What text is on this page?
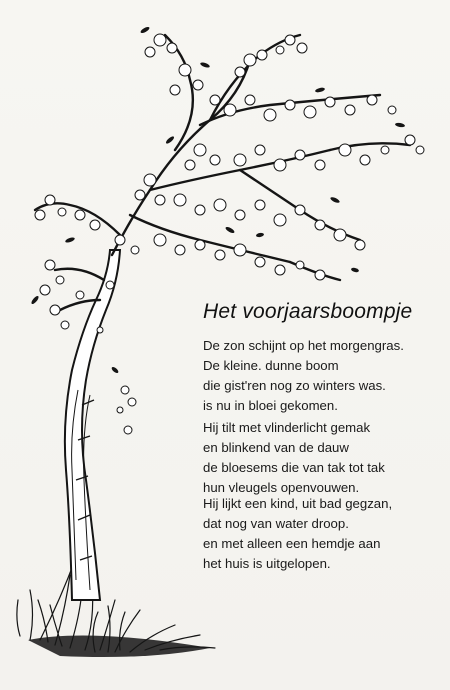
Het voorjaarsboompje
De zon schijnt op het morgengras.
De kleine. dunne boom
die gist'ren nog zo winters was.
is nu in bloei gekomen.
Hij tilt met vlinderlicht gemak
en blinkend van de dauw
de bloesems die van tak tot tak
hun vleugels openvouwen.
Hij lijkt een kind, uit bad gegzan,
dat nog van water droop.
en met alleen een hemdje aan
het huis is uitgelopen.
